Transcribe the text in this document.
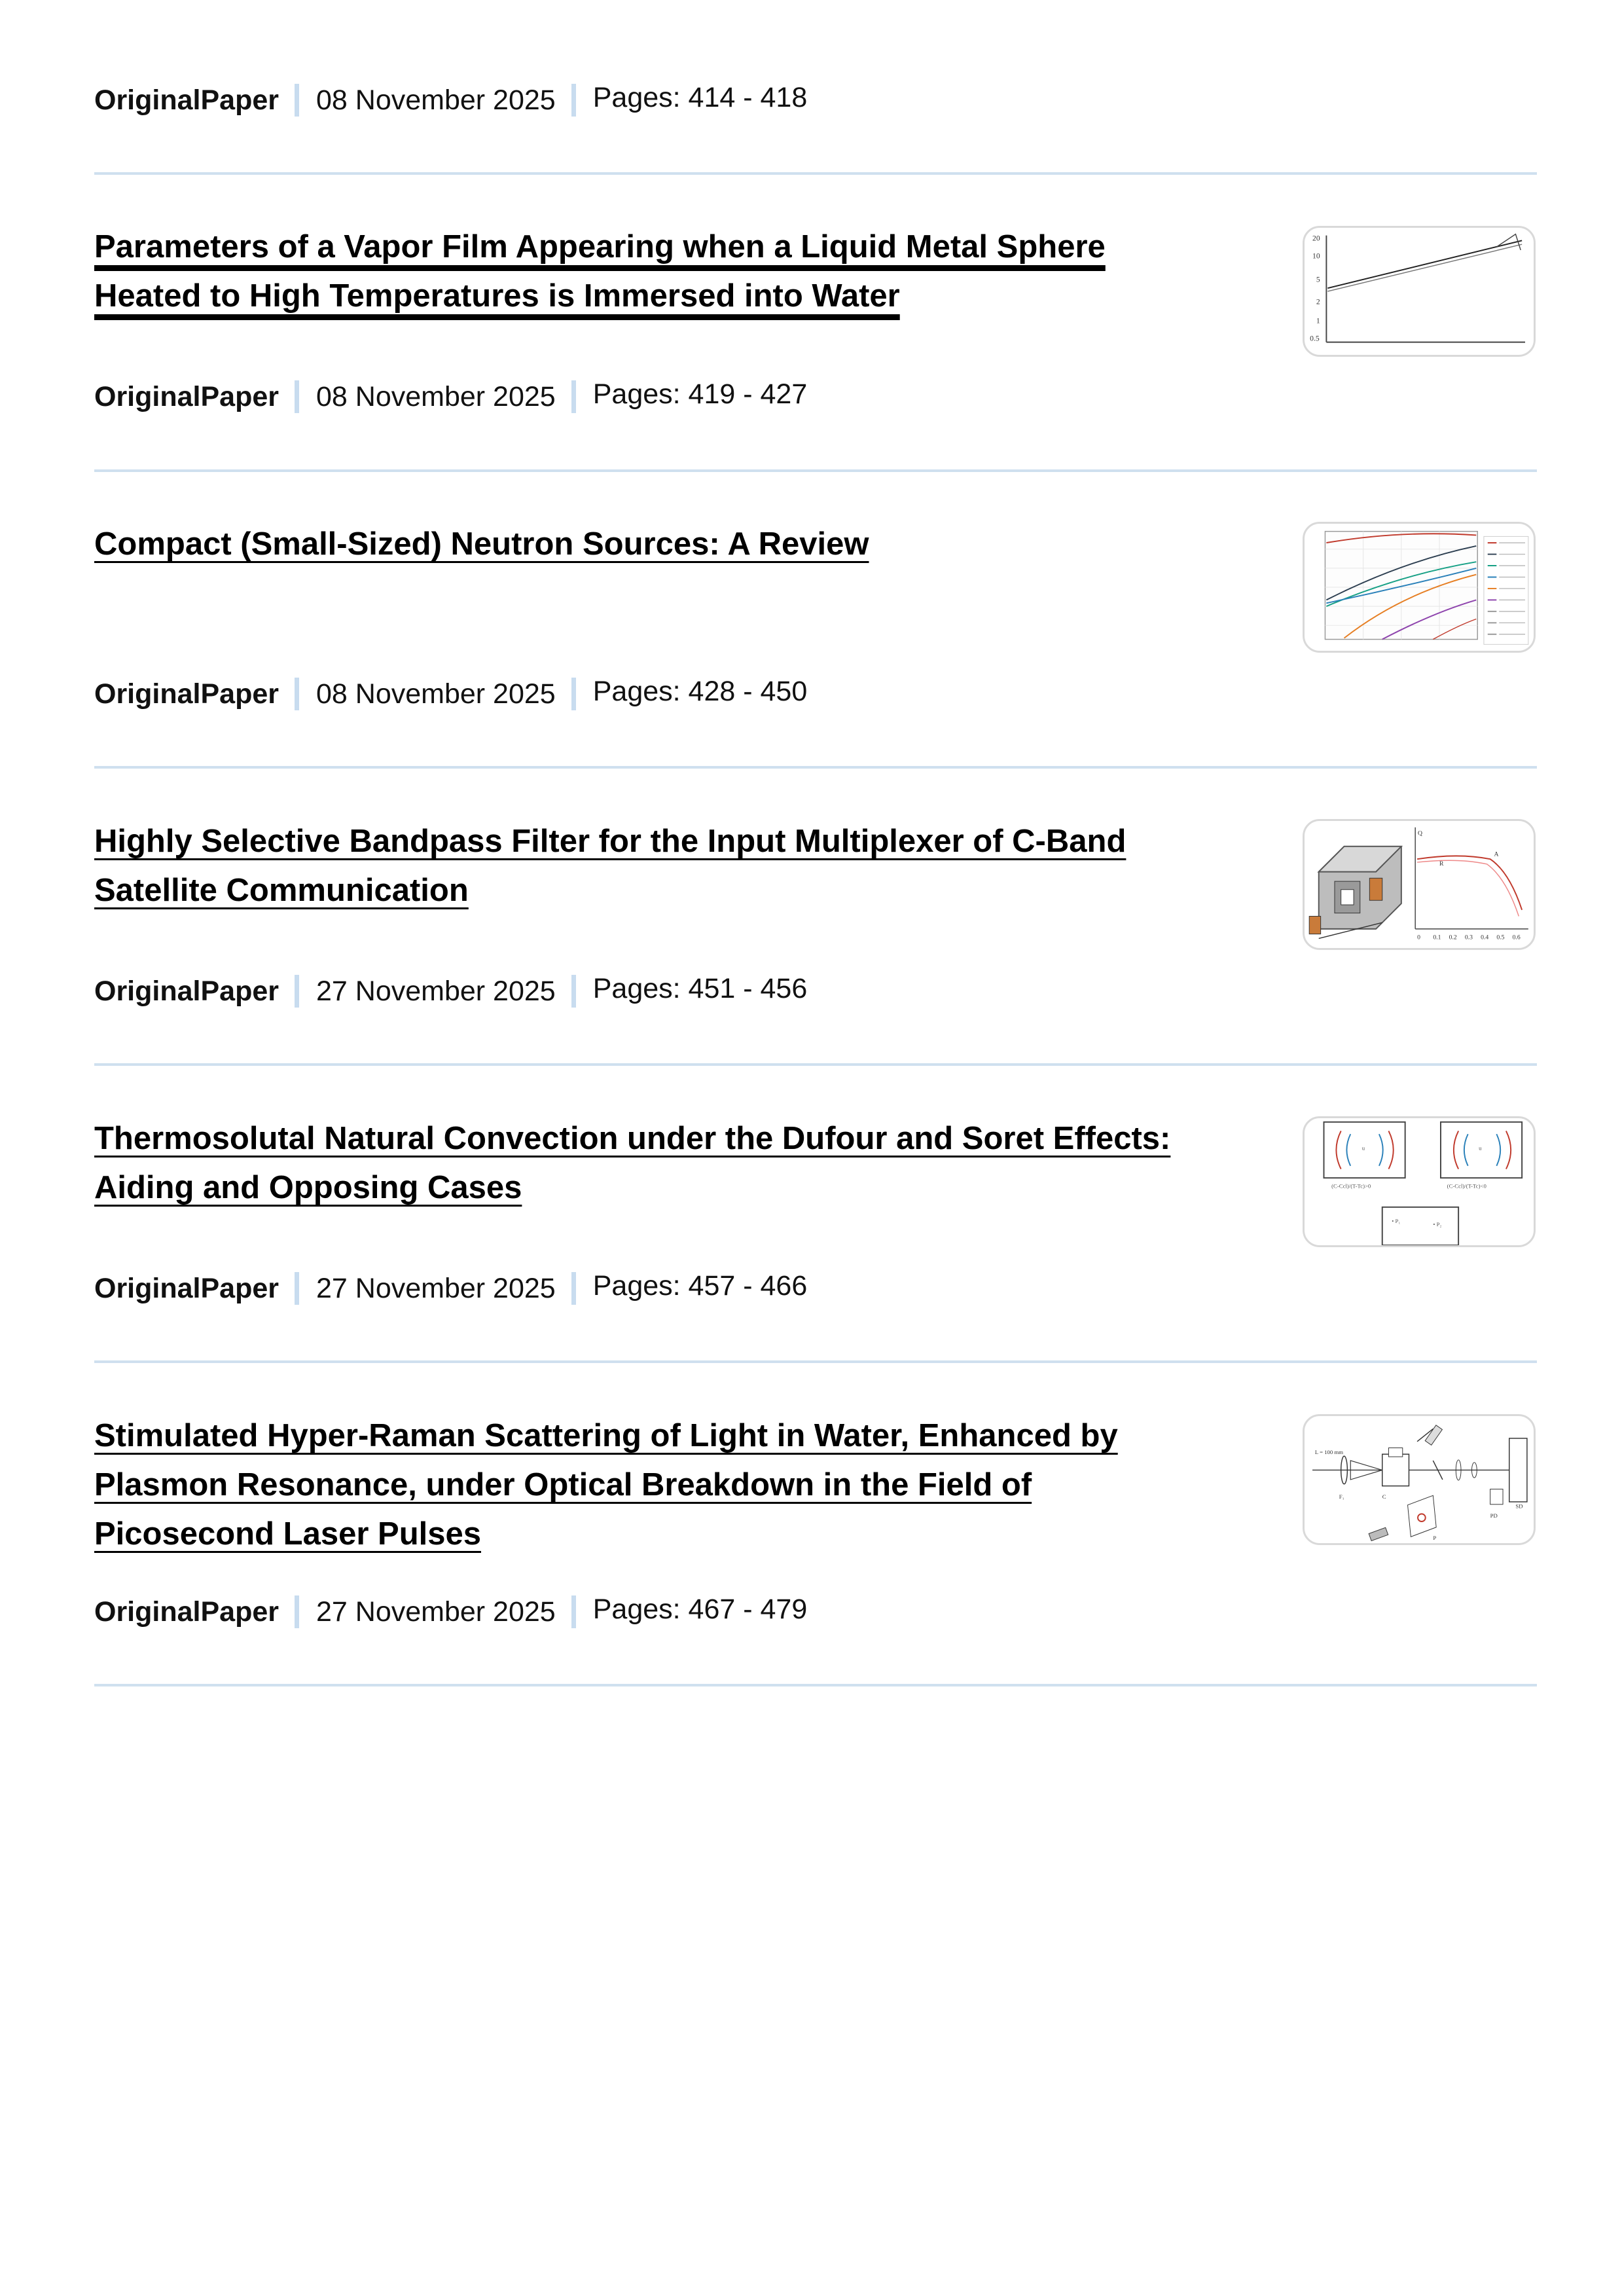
OriginalPaper 08 November 2025 Pages: 414 - 418
Parameters of a Vapor Film Appearing when a Liquid Metal Sphere
Heated to High Temperatures is Immersed into Water
20
10
5
2
1
0.5
OriginalPaper 08 November 2025 Pages: 419 - 427
Compact (Small-Sized) Neutron Sources: A Review
OriginalPaper 08 November 2025 Pages: 428 - 450
Highly Selective Bandpass Filter for the Input Multiplexer of C-Band
Satellite Communication
Q
R
A
0 0.1 0.2 0.3 0.4 0.5 0.6
OriginalPaper 27 November 2025 Pages: 451 - 456
Thermosolutal Natural Convection under the Dufour and Soret Effects:
Aiding and Opposing Cases
u	u
(C-Ccl)/(T-Tc)>0	(C-Ccl)/(T-Tc)<0
• P₁	• P₂
OriginalPaper 27 November 2025 Pages: 457 - 466
Stimulated Hyper-Raman Scattering of Light in Water, Enhanced by
Plasmon Resonance, under Optical Breakdown in the Field of
Picosecond Laser Pulses
L = 100 mm
F₁	C
P
PD
SD
OriginalPaper 27 November 2025 Pages: 467 - 479
